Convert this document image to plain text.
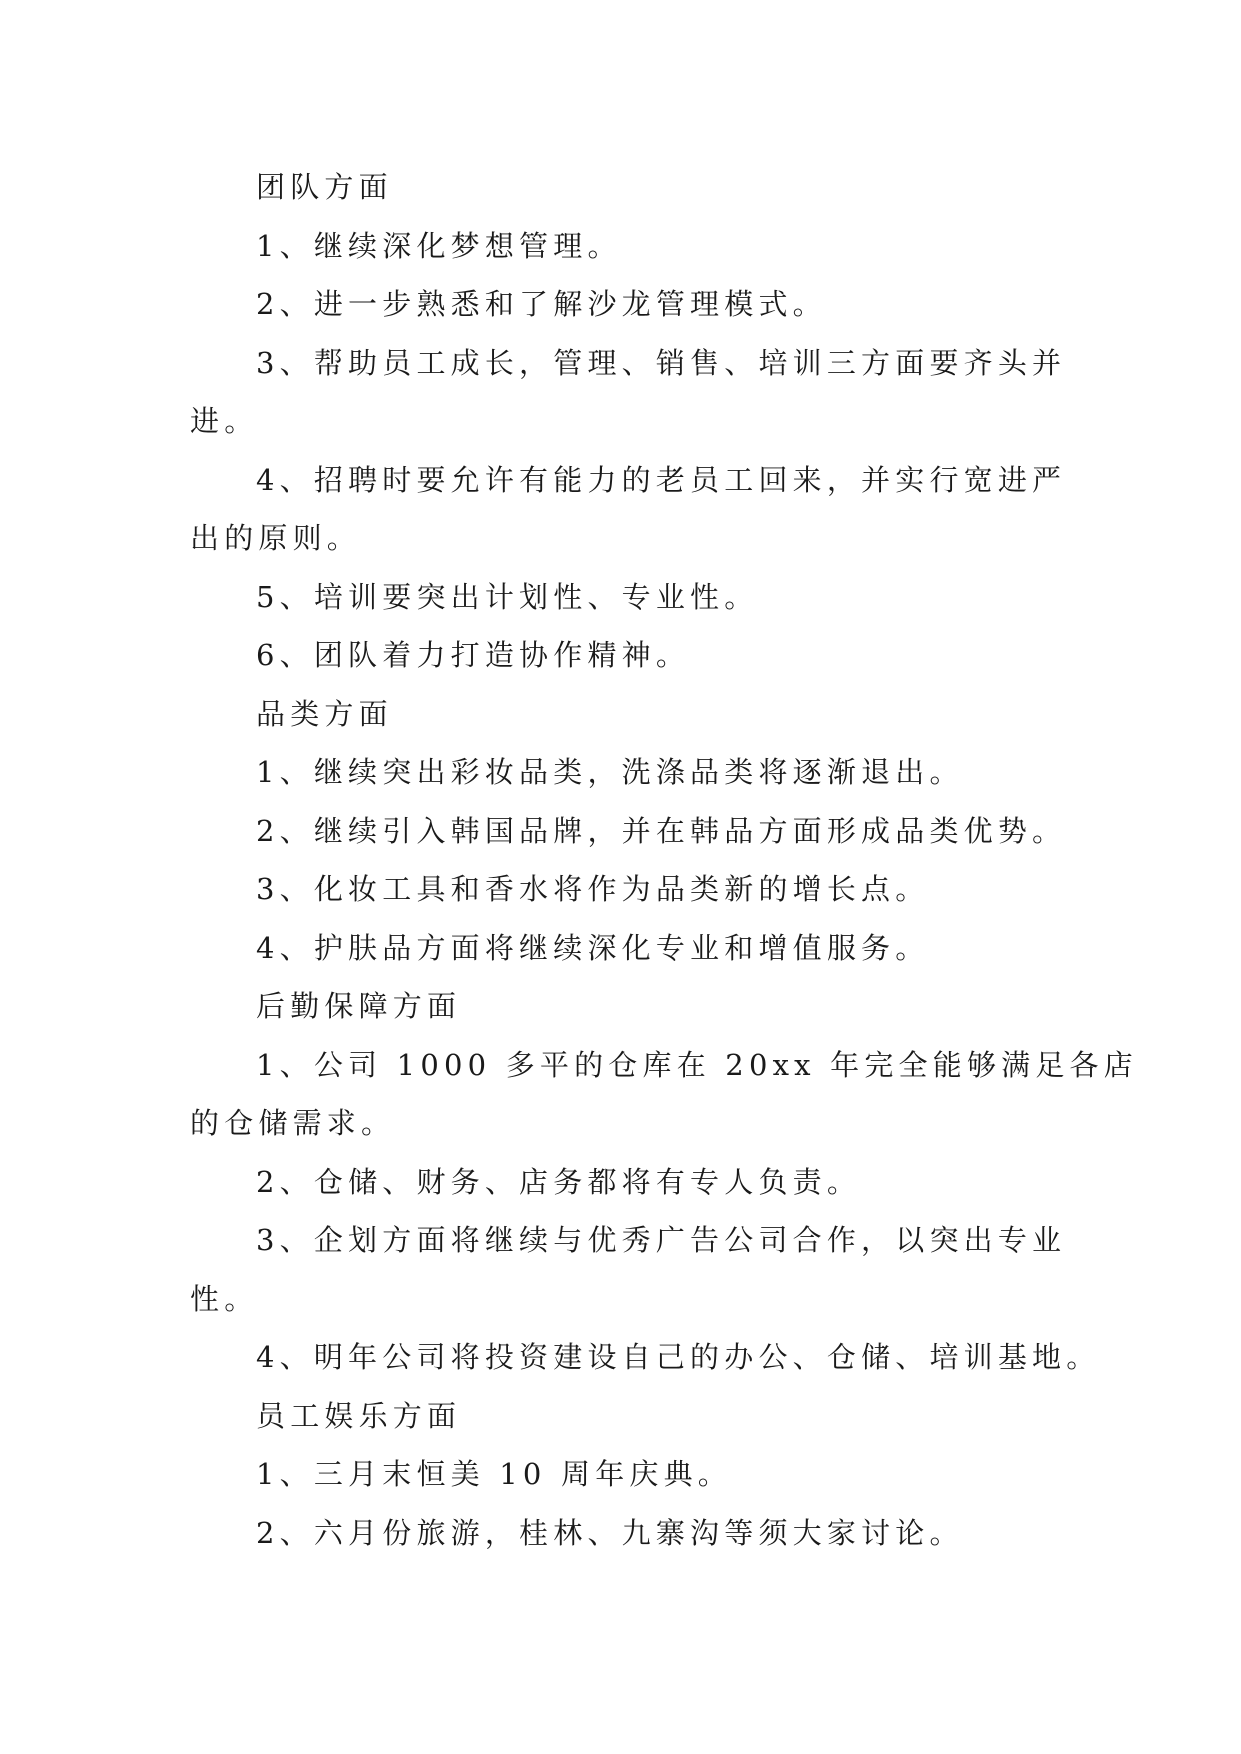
团队方面

1、继续深化梦想管理。

2、进一步熟悉和了解沙龙管理模式。

3、帮助员工成长，管理、销售、培训三方面要齐头并

进。

4、招聘时要允许有能力的老员工回来，并实行宽进严

出的原则。

5、培训要突出计划性、专业性。

6、团队着力打造协作精神。

品类方面

1、继续突出彩妆品类，洗涤品类将逐渐退出。

2、继续引入韩国品牌，并在韩品方面形成品类优势。

3、化妆工具和香水将作为品类新的增长点。

4、护肤品方面将继续深化专业和增值服务。

后勤保障方面

1、公司 1000 多平的仓库在 20xx 年完全能够满足各店

的仓储需求。

2、仓储、财务、店务都将有专人负责。

3、企划方面将继续与优秀广告公司合作，以突出专业

性。

4、明年公司将投资建设自己的办公、仓储、培训基地。

员工娱乐方面

1、三月末恒美 10 周年庆典。

2、六月份旅游，桂林、九寨沟等须大家讨论。
